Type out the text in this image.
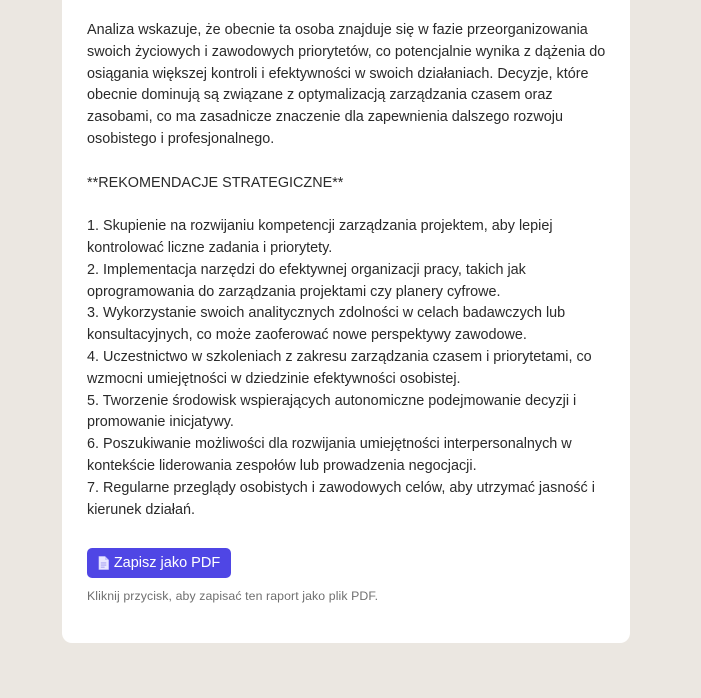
Analiza wskazuje, że obecnie ta osoba znajduje się w fazie przeorganizowania swoich życiowych i zawodowych priorytetów, co potencjalnie wynika z dążenia do osiągania większej kontroli i efektywności w swoich działaniach. Decyzje, które obecnie dominują są związane z optymalizacją zarządzania czasem oraz zasobami, co ma zasadnicze znaczenie dla zapewnienia dalszego rozwoju osobistego i profesjonalnego.

**REKOMENDACJE STRATEGICZNE**

1. Skupienie na rozwijaniu kompetencji zarządzania projektem, aby lepiej kontrolować liczne zadania i priorytety.

2. Implementacja narzędzi do efektywnej organizacji pracy, takich jak oprogramowania do zarządzania projektami czy planery cyfrowe.

3. Wykorzystanie swoich analitycznych zdolności w celach badawczych lub konsultacyjnych, co może zaoferować nowe perspektywy zawodowe.

4. Uczestnictwo w szkoleniach z zakresu zarządzania czasem i priorytetami, co wzmocni umiejętności w dziedzinie efektywności osobistej.

5. Tworzenie środowisk wspierających autonomiczne podejmowanie decyzji i promowanie inicjatywy.

6. Poszukiwanie możliwości dla rozwijania umiejętności interpersonalnych w kontekście liderowania zespołów lub prowadzenia negocjacji.

7. Regularne przeglądy osobistych i zawodowych celów, aby utrzymać jasność i kierunek działań.

Zapisz jako PDF
Kliknij przycisk, aby zapisać ten raport jako plik PDF.
